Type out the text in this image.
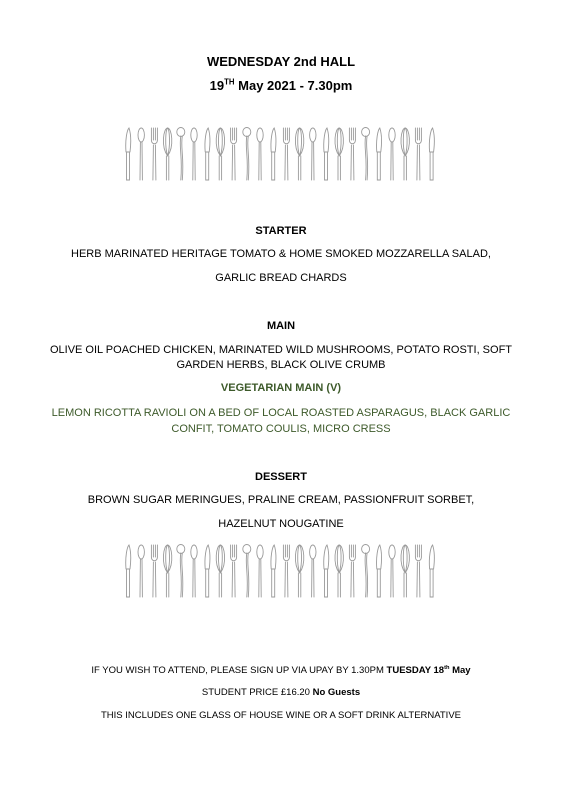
WEDNESDAY 2nd HALL
19TH May 2021 - 7.30pm
STARTER
HERB MARINATED HERITAGE TOMATO & HOME SMOKED MOZZARELLA SALAD,
GARLIC BREAD CHARDS
MAIN
OLIVE OIL POACHED CHICKEN, MARINATED WILD MUSHROOMS, POTATO ROSTI, SOFT
GARDEN HERBS, BLACK OLIVE CRUMB
VEGETARIAN MAIN (V)
LEMON RICOTTA RAVIOLI ON A BED OF LOCAL ROASTED ASPARAGUS, BLACK GARLIC
CONFIT, TOMATO COULIS, MICRO CRESS
DESSERT
BROWN SUGAR MERINGUES, PRALINE CREAM, PASSIONFRUIT SORBET,
HAZELNUT NOUGATINE
IF YOU WISH TO ATTEND, PLEASE SIGN UP VIA UPAY BY 1.30PM TUESDAY 18th May
STUDENT PRICE £16.20 No Guests
THIS INCLUDES ONE GLASS OF HOUSE WINE OR A SOFT DRINK ALTERNATIVE
